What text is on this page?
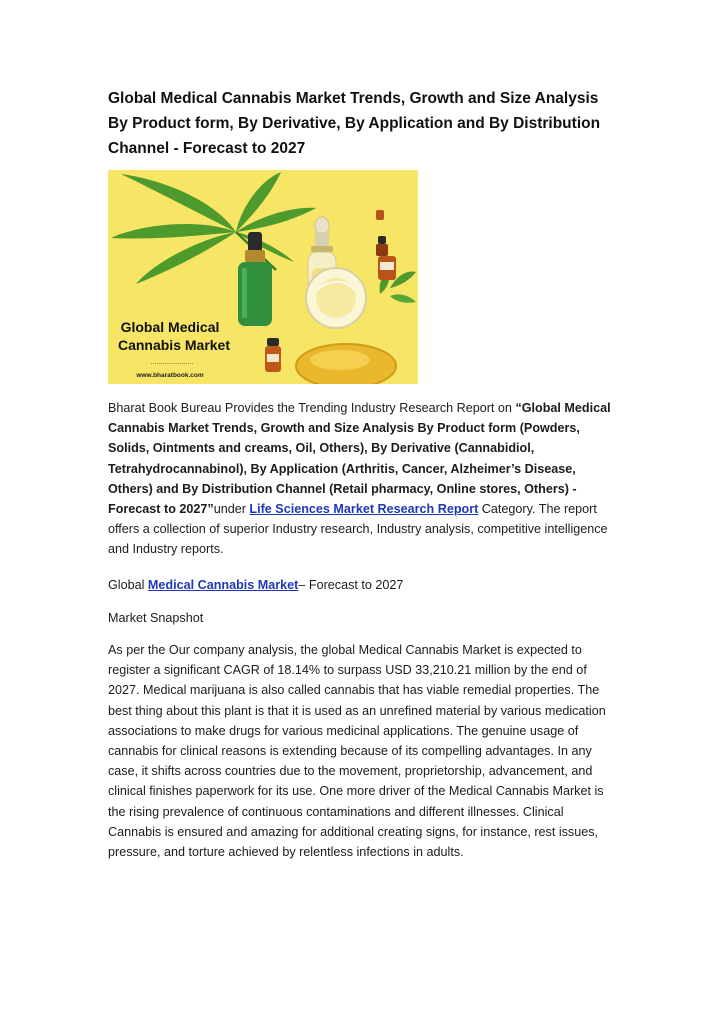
Global Medical Cannabis Market Trends, Growth and Size Analysis By Product form, By Derivative, By Application and By Distribution Channel - Forecast to 2027
Global Medical
Cannabis Market
......................
www.bharatbook.com
Bharat Book Bureau Provides the Trending Industry Research Report on “Global Medical Cannabis Market Trends, Growth and Size Analysis By Product form (Powders, Solids, Ointments and creams, Oil, Others), By Derivative (Cannabidiol, Tetrahydrocannabinol), By Application (Arthritis, Cancer, Alzheimer’s Disease, Others) and By Distribution Channel (Retail pharmacy, Online stores, Others) - Forecast to 2027”under Life Sciences Market Research Report Category. The report offers a collection of superior Industry research, Industry analysis, competitive intelligence and Industry reports.
Global Medical Cannabis Market– Forecast to 2027
Market Snapshot
As per the Our company analysis, the global Medical Cannabis Market is expected to register a significant CAGR of 18.14% to surpass USD 33,210.21 million by the end of 2027. Medical marijuana is also called cannabis that has viable remedial properties. The best thing about this plant is that it is used as an unrefined material by various medication associations to make drugs for various medicinal applications. The genuine usage of cannabis for clinical reasons is extending because of its compelling advantages. In any case, it shifts across countries due to the movement, proprietorship, advancement, and clinical finishes paperwork for its use. One more driver of the Medical Cannabis Market is the rising prevalence of continuous contaminations and different illnesses. Clinical Cannabis is ensured and amazing for additional creating signs, for instance, rest issues, pressure, and torture achieved by relentless infections in adults.
